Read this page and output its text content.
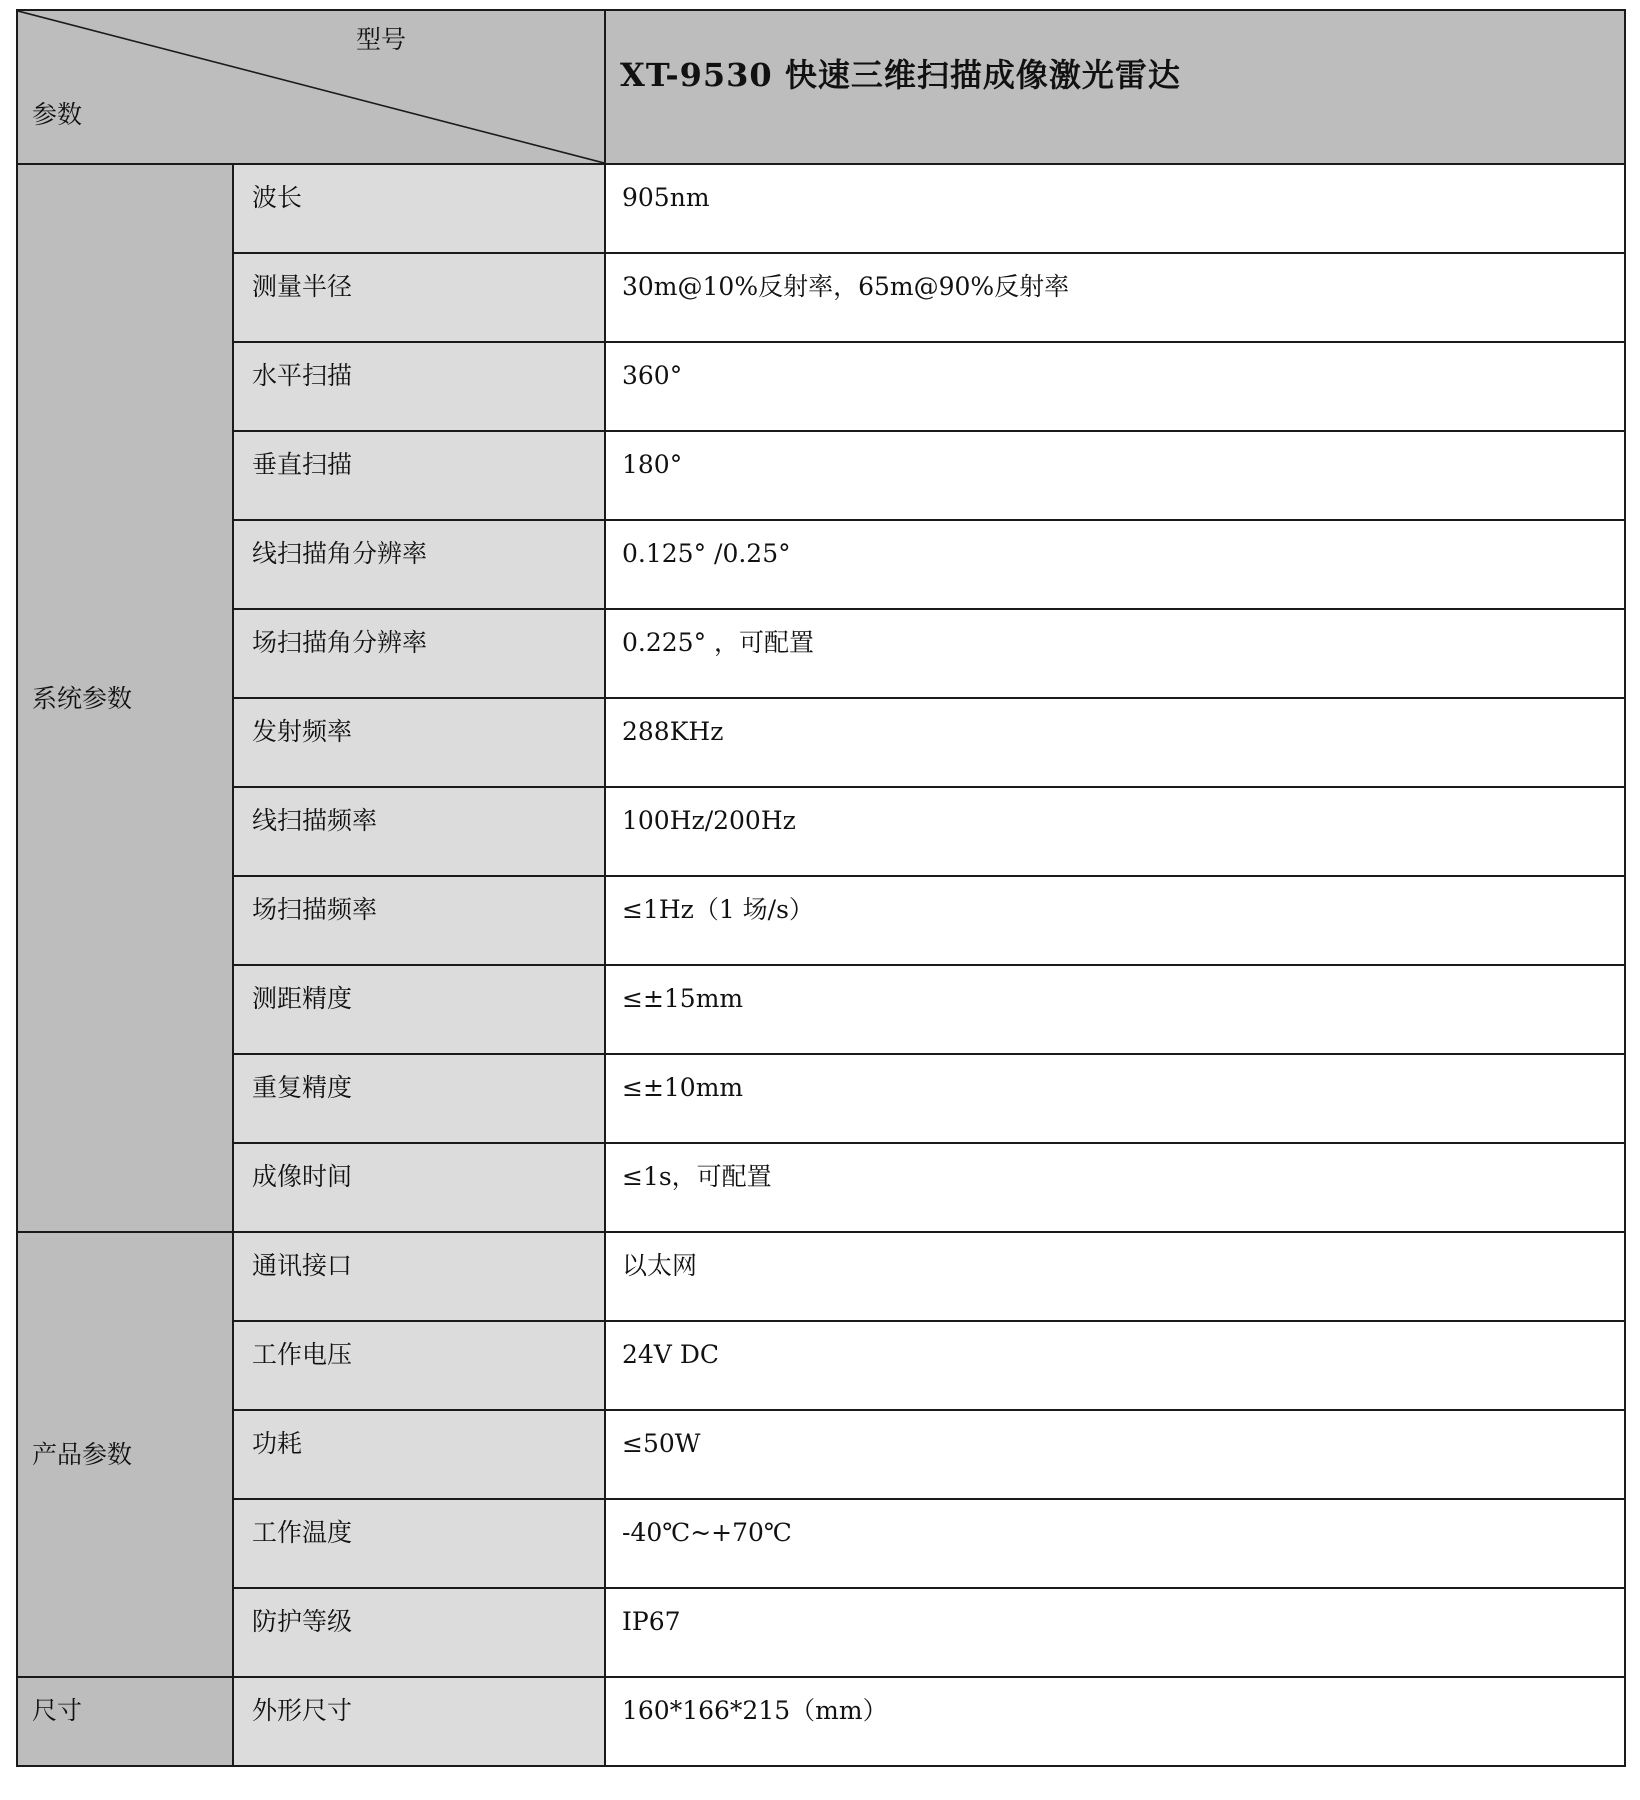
型号
参数		XT-9530 快速三维扫描成像激光雷达

系统参数	波长	905nm

	测量半径	30m@10%反射率，65m@90%反射率

	水平扫描	360°

	垂直扫描	180°

	线扫描角分辨率	0.125° /0.25°

	场扫描角分辨率	0.225° ，可配置

	发射频率	288KHz

	线扫描频率	100Hz/200Hz

	场扫描频率	≤1Hz（1 场/s）

	测距精度	≤±15mm

	重复精度	≤±10mm

	成像时间	≤1s，可配置

产品参数	通讯接口	以太网

	工作电压	24V DC

	功耗	≤50W

	工作温度	-40℃~+70℃

	防护等级	IP67

尺寸	外形尺寸	160*166*215（mm）
